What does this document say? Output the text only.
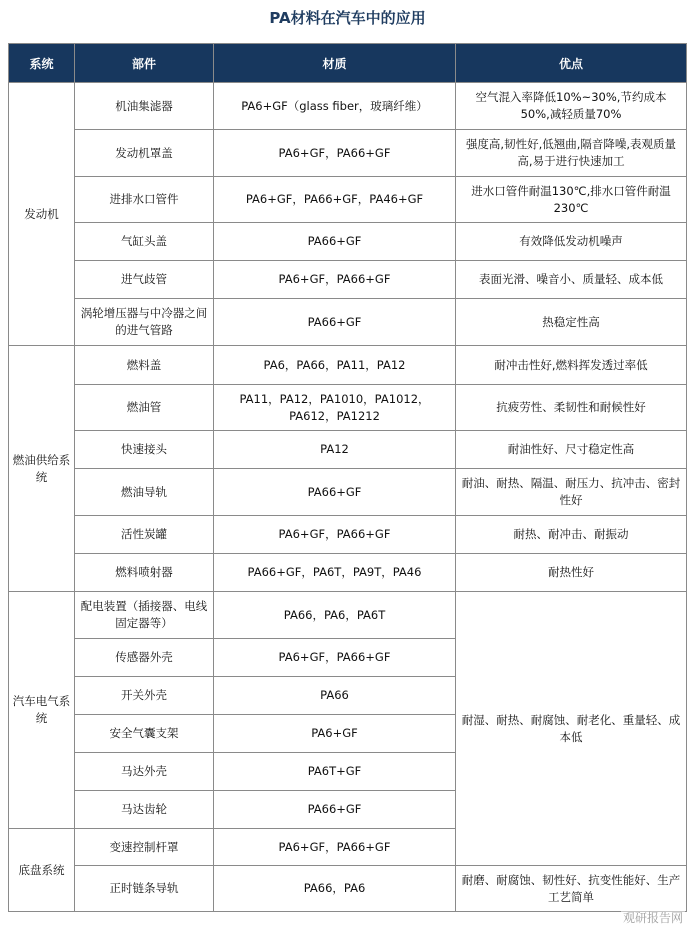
PA材料在汽车中的应用
系统	部件	材质	优点
发动机	机油集滤器	PA6+GF（glass fiber，玻璃纤维）	空气混入率降低10%~30%,节约成本50%,减轻质量70%
	发动机罩盖	PA6+GF，PA66+GF	强度高,韧性好,低翘曲,隔音降噪,表观质量高,易于进行快速加工
	进排水口管件	PA6+GF，PA66+GF，PA46+GF	进水口管件耐温130℃,排水口管件耐温230℃
	气缸头盖	PA66+GF	有效降低发动机噪声
	进气歧管	PA6+GF，PA66+GF	表面光滑、噪音小、质量轻、成本低
	涡轮增压器与中冷器之间的进气管路	PA66+GF	热稳定性高
燃油供给系统	燃料盖	PA6，PA66，PA11，PA12	耐冲击性好,燃料挥发透过率低
	燃油管	PA11，PA12，PA1010，PA1012，PA612，PA1212	抗疲劳性、柔韧性和耐候性好
	快速接头	PA12	耐油性好、尺寸稳定性高
	燃油导轨	PA66+GF	耐油、耐热、隔温、耐压力、抗冲击、密封性好
	活性炭罐	PA6+GF，PA66+GF	耐热、耐冲击、耐振动
	燃料喷射器	PA66+GF，PA6T，PA9T，PA46	耐热性好
汽车电气系统	配电装置（插接器、电线固定器等）	PA66，PA6，PA6T	耐湿、耐热、耐腐蚀、耐老化、重量轻、成本低
	传感器外壳	PA6+GF，PA66+GF	
	开关外壳	PA66	
	安全气囊支架	PA6+GF	
	马达外壳	PA6T+GF	
	马达齿轮	PA66+GF	
底盘系统	变速控制杆罩	PA6+GF，PA66+GF	
	正时链条导轨	PA66，PA6	耐磨、耐腐蚀、韧性好、抗变性能好、生产工艺简单
观研报告网
